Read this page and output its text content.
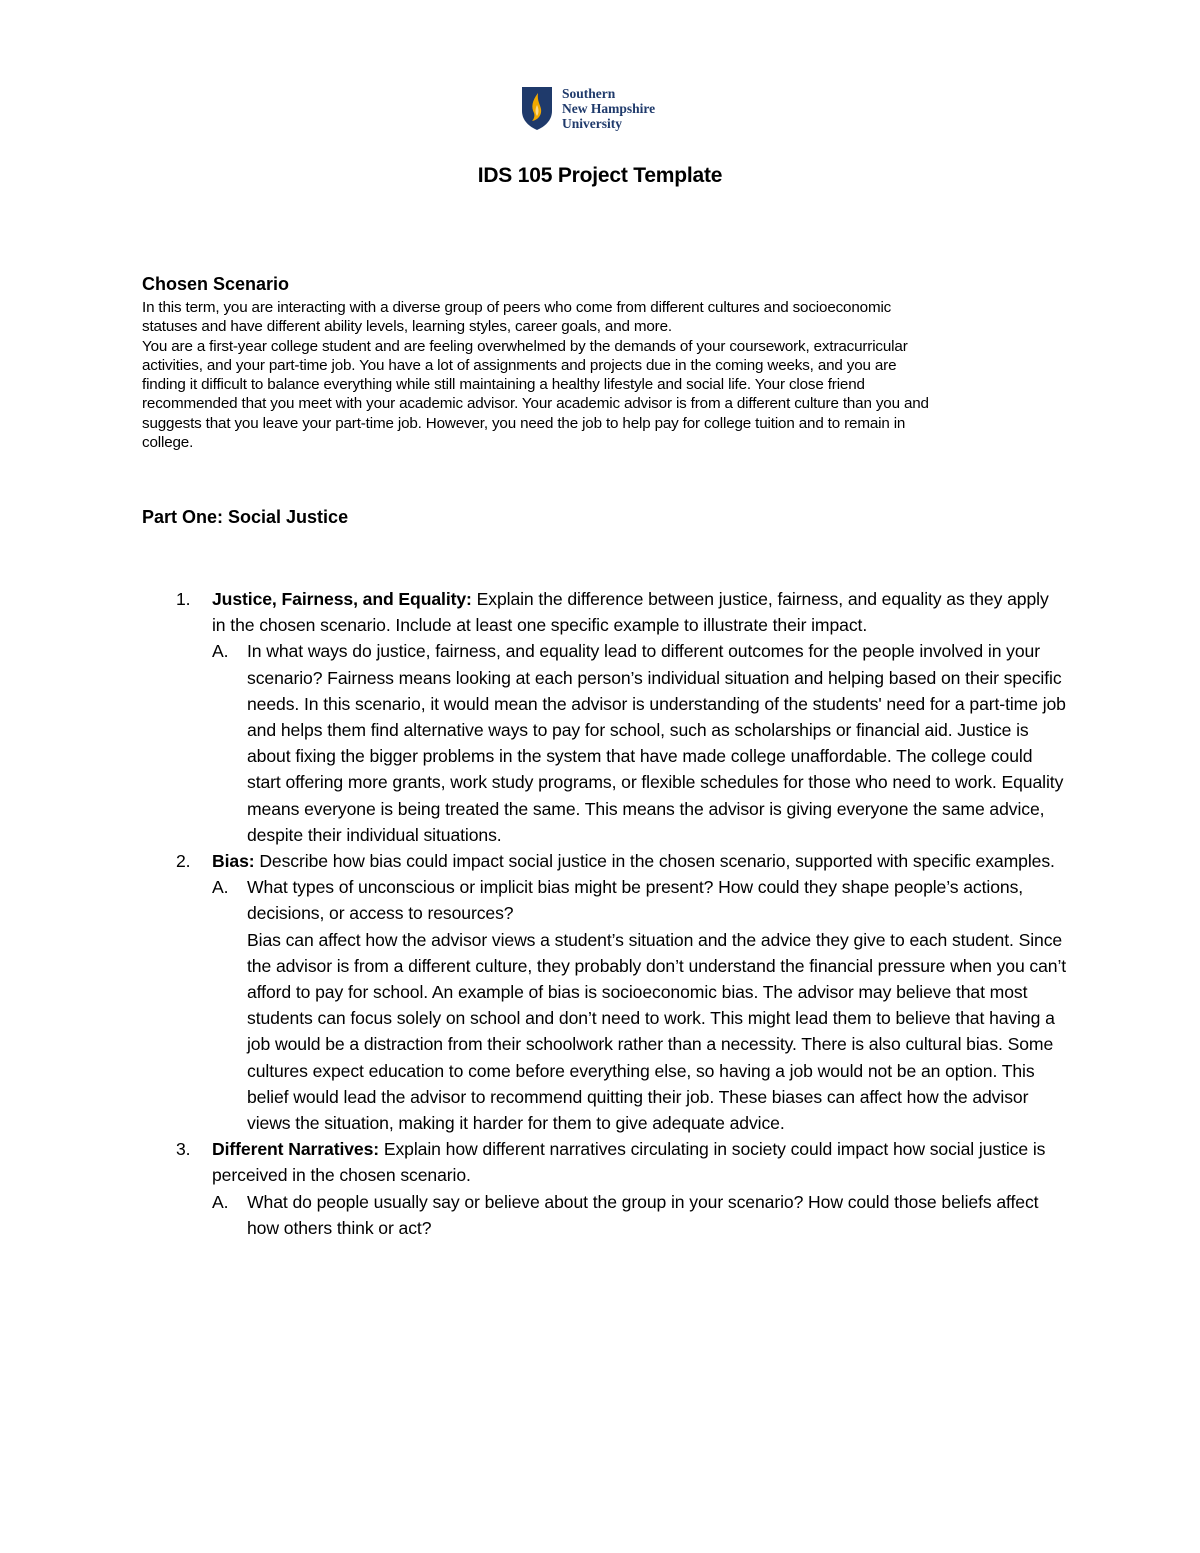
Southern
New Hampshire
University
IDS 105 Project Template
Chosen Scenario

In this term, you are interacting with a diverse group of peers who come from different cultures and socioeconomic statuses and have different ability levels, learning styles, career goals, and more.

You are a first-year college student and are feeling overwhelmed by the demands of your coursework, extracurricular activities, and your part-time job. You have a lot of assignments and projects due in the coming weeks, and you are finding it difficult to balance everything while still maintaining a healthy lifestyle and social life. Your close friend recommended that you meet with your academic advisor. Your academic advisor is from a different culture than you and suggests that you leave your part-time job. However, you need the job to help pay for college tuition and to remain in college.

Part One: Social Justice
1. Justice, Fairness, and Equality: Explain the difference between justice, fairness, and equality as they apply in the chosen scenario. Include at least one specific example to illustrate their impact.
A. In what ways do justice, fairness, and equality lead to different outcomes for the people involved in your scenario? Fairness means looking at each person’s individual situation and helping based on their specific needs. In this scenario, it would mean the advisor is understanding of the students' need for a part-time job and helps them find alternative ways to pay for school, such as scholarships or financial aid. Justice is about fixing the bigger problems in the system that have made college unaffordable. The college could start offering more grants, work study programs, or flexible schedules for those who need to work. Equality means everyone is being treated the same. This means the advisor is giving everyone the same advice, despite their individual situations.
2. Bias: Describe how bias could impact social justice in the chosen scenario, supported with specific examples.
A. What types of unconscious or implicit bias might be present? How could they shape people’s actions, decisions, or access to resources?
Bias can affect how the advisor views a student’s situation and the advice they give to each student. Since the advisor is from a different culture, they probably don’t understand the financial pressure when you can’t afford to pay for school. An example of bias is socioeconomic bias. The advisor may believe that most students can focus solely on school and don’t need to work. This might lead them to believe that having a job would be a distraction from their schoolwork rather than a necessity. There is also cultural bias. Some cultures expect education to come before everything else, so having a job would not be an option. This belief would lead the advisor to recommend quitting their job. These biases can affect how the advisor views the situation, making it harder for them to give adequate advice.
3. Different Narratives: Explain how different narratives circulating in society could impact how social justice is perceived in the chosen scenario.
A. What do people usually say or believe about the group in your scenario? How could those beliefs affect how others think or act?
